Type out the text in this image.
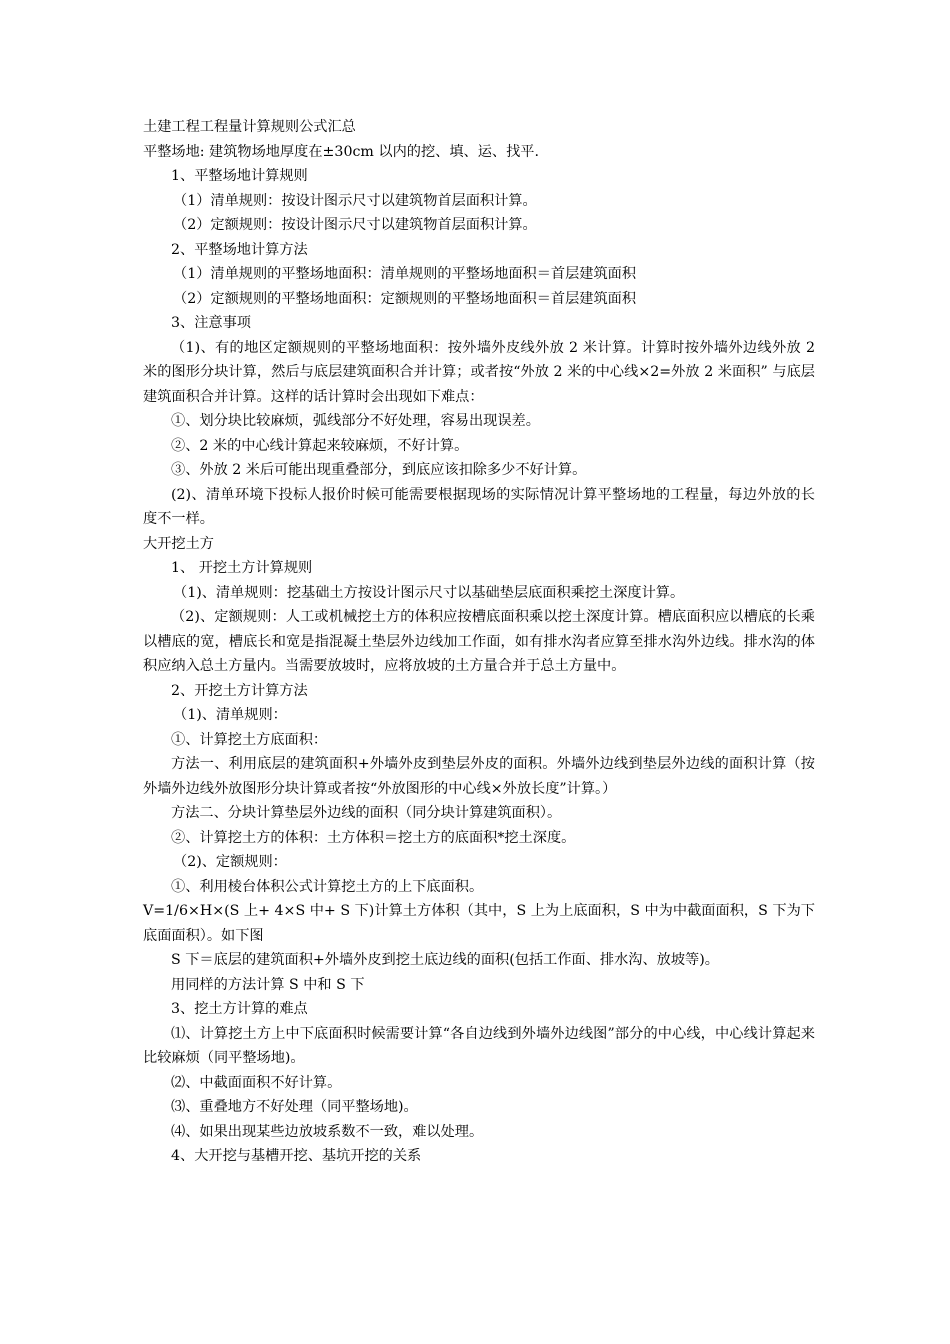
土建工程工程量计算规则公式汇总

平整场地: 建筑物场地厚度在±30cm 以内的挖、填、运、找平.

1、平整场地计算规则

（1）清单规则：按设计图示尺寸以建筑物首层面积计算。

（2）定额规则：按设计图示尺寸以建筑物首层面积计算。

2、平整场地计算方法

（1）清单规则的平整场地面积：清单规则的平整场地面积＝首层建筑面积

（2）定额规则的平整场地面积：定额规则的平整场地面积＝首层建筑面积

3、注意事项

（1)、有的地区定额规则的平整场地面积：按外墙外皮线外放 2 米计算。计算时按外墙外边线外放 2 米的图形分块计算，然后与底层建筑面积合并计算；或者按“外放 2 米的中心线×2=外放 2 米面积” 与底层建筑面积合并计算。这样的话计算时会出现如下难点：

①、划分块比较麻烦，弧线部分不好处理，容易出现误差。

②、2 米的中心线计算起来较麻烦，不好计算。

③、外放 2 米后可能出现重叠部分，到底应该扣除多少不好计算。

(2)、清单环境下投标人报价时候可能需要根据现场的实际情况计算平整场地的工程量，每边外放的长度不一样。

大开挖土方

1、 开挖土方计算规则

（1)、清单规则：挖基础土方按设计图示尺寸以基础垫层底面积乘挖土深度计算。

（2)、定额规则：人工或机械挖土方的体积应按槽底面积乘以挖土深度计算。槽底面积应以槽底的长乘以槽底的宽，槽底长和宽是指混凝土垫层外边线加工作面，如有排水沟者应算至排水沟外边线。排水沟的体积应纳入总土方量内。当需要放坡时，应将放坡的土方量合并于总土方量中。

2、开挖土方计算方法

（1)、清单规则：

①、计算挖土方底面积：

方法一、利用底层的建筑面积+外墙外皮到垫层外皮的面积。外墙外边线到垫层外边线的面积计算（按外墙外边线外放图形分块计算或者按“外放图形的中心线×外放长度”计算。）

方法二、分块计算垫层外边线的面积（同分块计算建筑面积）。

②、计算挖土方的体积：土方体积＝挖土方的底面积*挖土深度。

（2)、定额规则：

①、利用棱台体积公式计算挖土方的上下底面积。

V=1/6×H×(S 上+ 4×S 中+ S 下)计算土方体积（其中，S 上为上底面积，S 中为中截面面积，S 下为下底面面积）。如下图

S 下＝底层的建筑面积+外墙外皮到挖土底边线的面积(包括工作面、排水沟、放坡等)。

用同样的方法计算 S 中和 S 下

3、挖土方计算的难点

⑴、计算挖土方上中下底面积时候需要计算“各自边线到外墙外边线图”部分的中心线，中心线计算起来比较麻烦（同平整场地)。

⑵、中截面面积不好计算。

⑶、重叠地方不好处理（同平整场地)。

⑷、如果出现某些边放坡系数不一致，难以处理。

4、大开挖与基槽开挖、基坑开挖的关系
